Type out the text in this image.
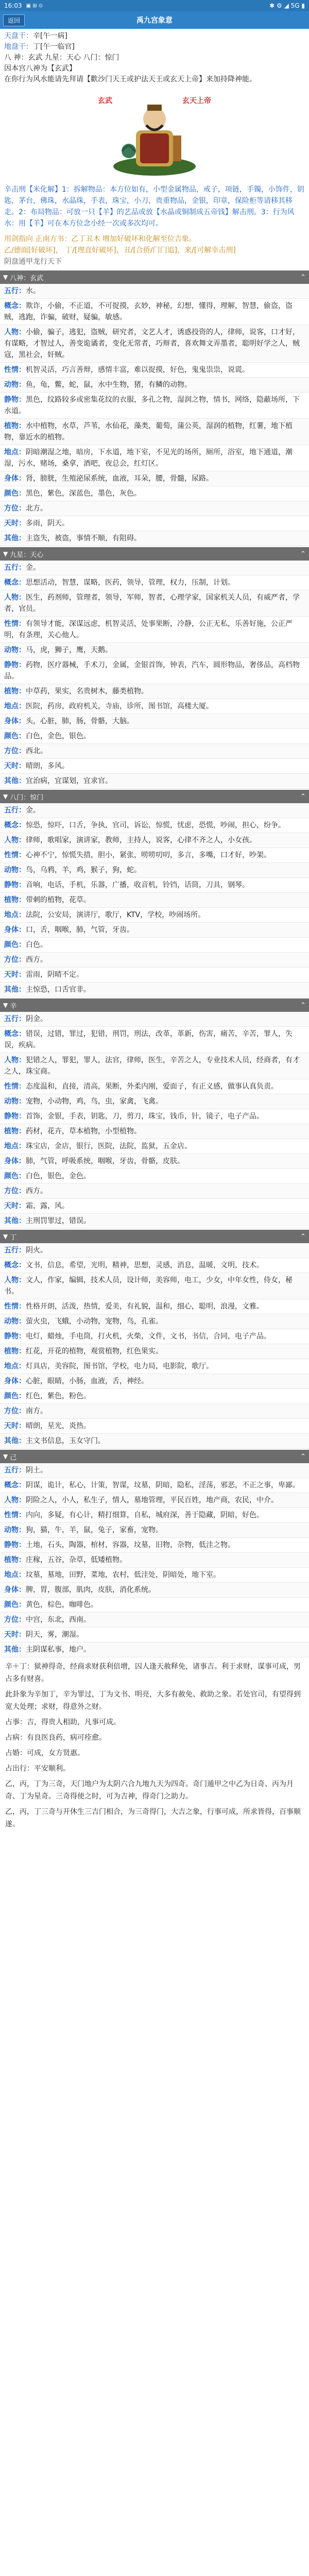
16:03 ▣ ⊞ ⊙	✱ ⚙ ◢ 5G ▮
返回	禹九宫象意
天盘干：辛[午一病]
地盘干：丁[午一临官]
八 神：玄武 九星：天心 八门：惊门
因本宫八神为【玄武】
在你行为风水能请先拜请【歡沙门天王或护法天王或玄天上帝】来加持降神能。
玄武	玄天上帝
辛击刑【米化解】1：拆解物品：本方位如有，小型金属物品，戒子，项链，手镯，小饰件，钥匙，茅台，佛珠，水晶珠，手表，珠宝，小刀，贵重物品，金银，印章，保险柜等请移其移走。2：布局物品：可放一只【羊】的艺品或放【水晶或铜制成五帝钱】解击刑。3：行为风水：用【羊】可在本方位念小经一次或多次均可。
用剑指向 正南方书：乙丁丑木 增加好破坏和化解至位吉象。
乙/德面[好破坏]， 丁/[理直好破坏]，丑/[合侨/门门追]，来/[可解幸击刑]
阴盘通甲龙行天下
▼ 八神：玄武	⌃
五行：水。
概念：欺诈，小偷，不正道，不可捉摸，玄妙，神秘，幻想，懂得，理解，智慧，偷盗，盗贼，逃跑，诈骗，破财，疑骗，敏感。
人物：小偷，骗子，逃犯，盗贼，研究者，文艺人才，诱惑投资的人，律师，说客，口才好，有谋略，才智过人，善变诡谲者，变化无常者，巧辩者，喜欢舞文弄墨者，聪明好学之人，贼寇，黑社会，奸贼。
性情：机智灵活，巧言善辩，感情丰富，难以捉摸，好色，鬼鬼祟祟，说谎。
动物：鱼，龟，鳖，蛇，鼠，水中生物，猪，有鳞的动物。
静物：黑色，纹路较多或密集花纹的衣服，多孔之物，湿润之物，情书，网络，隐蔽场所，下水道。
植物：水中植物，水草，芦苇，水仙花，藻类，葡萄，蒲公英，湿润的植物，红薯，地下植物，靠近水的植物。
地点：阴暗潮湿之地，暗房，下水道，地下室，不见光的场所，厕所，浴室，地下通道，潮湿，污水，赌场，桑拿，酒吧，夜总会，红灯区。
身体：肾，膀胱，生殖泌尿系统，血液，耳朵，腰，骨髓，尿路。
颜色：黑色，紫色，深蓝色，墨色，灰色。
方位：北方。
天时：多雨，阴天。
其他：主盗失，被盗，事情不顺，有阻碍。
▼ 九星：天心	⌃
五行：金。
概念：思想活动，智慧，谋略，医药，领导，管理，权力，压制，计划。
人物：医生，药剂师，管理者，领导，军师，智者，心理学家，国家机关人员，有威严者，学者，官员。
性情：有领导才能，深谋远虑，机智灵活，处事果断，冷静，公正无私，乐善好施，公正严明，有条理，关心他人。
动物：马，虎，狮子，鹰，天鹅。
静物：药物，医疗器械，手术刀，金属，金银首饰，钟表，汽车，圆形物品，奢侈品，高档物品。
植物：中草药，果实，名贵树木，藤类植物。
地点：医院，药房，政府机关，寺庙，诊所，图书馆，高楼大厦。
身体：头，心脏，肺，肠，骨骼，大脑。
颜色：白色，金色，银色。
方位：西北。
天时：晴朗，多风。
其他：宜治病，宜谋划，宜求官。
▼ 八门：惊门	⌃
五行：金。
概念：惊恐，惊吓，口舌，争执，官司，诉讼，惊慌，忧虑，恐慌，吵闹，担心，纷争。
人物：律师，歌唱家，演讲家，教师，主持人，说客，心律不齐之人，小女孩。
性情：心神不宁，惊慌失措，胆小，紧张，唠唠叨叨，多言，多嘴，口才好，吵架。
动物：鸟，乌鸦，羊，鸡，猴子，狗，蛇。
静物：音响，电话，手机，乐器，广播，收音机，铃铛，话筒，刀具，钢琴。
植物：带刺的植物，花草。
地点：法院，公安局，演讲厅，歌厅，KTV，学校，吵闹场所。
身体：口，舌，咽喉，肺，气管，牙齿。
颜色：白色。
方位：西方。
天时：雷雨，阴晴不定。
其他：主惊恐，口舌官非。
▼ 辛	⌃
五行：阴金。
概念：错误，过错，罪过，犯错，刑罚，刑法，改革，革新，伤害，痛苦，辛苦，罪人，失误，疾病。
人物：犯错之人，罪犯，罪人，法官，律师，医生，辛苦之人，专业技术人员，经商者，有才之人，珠宝商。
性情：态度温和，直接，清高，果断，外柔内刚，爱面子，有正义感，做事认真负责。
动物：宠物，小动物，鸡，鸟，虫，家禽，飞禽。
静物：首饰，金银，手表，钥匙，刀，剪刀，珠宝，钱币，针，镜子，电子产品。
植物：药材，花卉，草本植物，小型植物。
地点：珠宝店，金店，银行，医院，法院，监狱，五金店。
身体：肺，气管，呼吸系统，咽喉，牙齿，骨骼，皮肤。
颜色：白色，银色，金色。
方位：西方。
天时：霜，露，风。
其他：主刑罚罪过，错误。
▼ 丁	⌃
五行：阴火。
概念：文书，信息，希望，光明，精神，思想，灵感，消息，温暖，文明，技术。
人物：文人，作家，编辑，技术人员，设计师，美容师，电工，少女，中年女性，侍女，秘书。
性情：性格开朗，活泼，热情，爱美，有礼貌，温和，细心，聪明，浪漫，文雅。
动物：萤火虫，飞蛾，小动物，宠物，鸟，孔雀。
静物：电灯，蜡烛，手电筒，打火机，火柴，文件，文书，书信，合同，电子产品。
植物：红花，开花的植物，观赏植物，红色果实。
地点：灯具店，美容院，图书馆，学校，电力局，电影院，歌厅。
身体：心脏，眼睛，小肠，血液，舌，神经。
颜色：红色，紫色，粉色。
方位：南方。
天时：晴朗，星光，炎热。
其他：主文书信息，玉女守门。
▼ 己	⌃
五行：阴土。
概念：阴谋，诡计，私心，计策，智谋，坟墓，阴暗，隐私，淫荡，邪恶，不正之事，卑鄙。
人物：阴险之人，小人，私生子，情人，墓地管理，平民百姓，地产商，农民，中介。
性情：内向，多疑，有心计，精打细算，自私，城府深，善于隐藏，阴暗，好色。
动物：狗，猫，牛，羊，鼠，兔子，家畜，宠物。
静物：土地，石头，陶器，棺材，容器，坟墓，旧物，杂物，低洼之物。
植物：庄稼，五谷，杂草，低矮植物。
地点：坟墓，墓地，田野，菜地，农村，低洼处，阴暗处，地下室。
身体：脾，胃，腹部，肌肉，皮肤，消化系统。
颜色：黄色，棕色，咖啡色。
方位：中宫，东北，西南。
天时：阴天，雾，潮湿。
其他：主阴谋私事，地户。

辛＋丁：狱神得奇，经商求财获利倍增，囚人逢天赦释免，诸事吉。利于求财，谋事可成，男占多有财喜。

此卦象为辛加丁，辛为罪过，丁为文书、明亮，大多有赦免、救助之象。若处官司，有望得到宽大处理；求财，得意外之财。

占事：吉，得贵人相助，凡事可成。

占病：有良医良药，病可痊愈。

占婚：可成，女方贤惠。

占出行：平安顺利。

乙，丙，丁为三奇，天门地户为太阴六合九地九天为四奇。奇门遁甲之中乙为日奇、丙为月奇、丁为星奇。三奇得使之时，可为吉神，得奇门之助力。

乙，丙，丁三奇与开休生三吉门相合，为三奇得门，大吉之象，行事可成，所求皆得，百事顺遂。
